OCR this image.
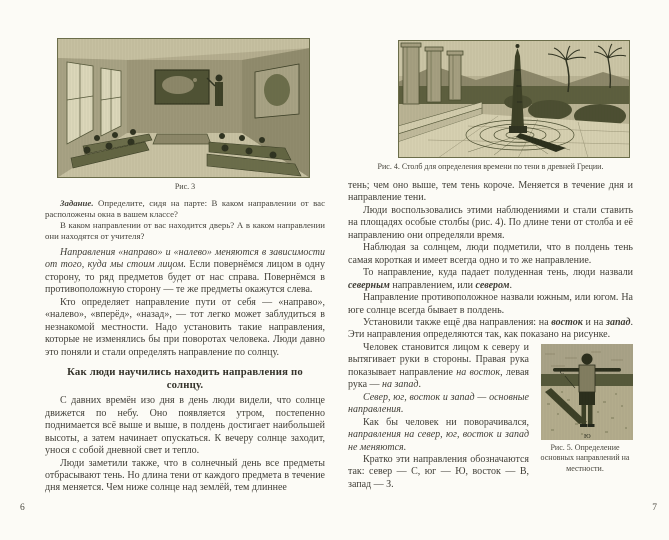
Рис. 3

Задание. Определите, сидя на парте: В каком направлении от вас расположены окна в вашем классе?

В каком направлении от вас находится дверь? А в каком направлении они находятся от учителя?

Направления «направо» и «налево» меняются в зависимости от того, куда мы стоим лицом. Если повернёмся лицом в одну сторону, то ряд предметов будет от нас справа. Повернёмся в противоположную сторону — те же предметы окажутся слева.

Кто определяет направление пути от себя — «направо», «налево», «вперёд», «назад», — тот легко может заблудиться в незнакомой местности. Надо установить такие направления, которые не изменялись бы при поворотах человека. Люди давно это поняли и стали определять направление по солнцу.

Как люди научились находить направления по солнцу.

С давних времён изо дня в день люди видели, что солнце движется по небу. Оно появляется утром, постепенно поднимается всё выше и выше, в полдень достигает наибольшей высоты, а затем начинает опускаться. К вечеру солнце заходит, унося с собой дневной свет и тепло.

Люди заметили также, что в солнечный день все предметы отбрасывают тень. Но длина тени от каждого предмета в течение дня меняется. Чем ниже солнце над землёй, тем длиннее

Рис. 4. Столб для определения времени по тени в древней Греции.

тень; чем оно выше, тем тень короче. Меняется в течение дня и направление тени.

Люди воспользовались этими наблюдениями и стали ставить на площадях особые столбы (рис. 4). По длине тени от столба и её направлению они определяли время.

Наблюдая за солнцем, люди подметили, что в полдень тень самая короткая и имеет всегда одно и то же направление.

То направление, куда падает полуденная тень, люди назвали северным направлением, или севером.

Направление противоположное назвали южным, или югом. На юге солнце всегда бывает в полдень.

Установили также ещё два направления: на восток и на запад. Эти направления определяются так, как показано на рисунке.

Рис. 5. Определение основных направлений на местности.

Человек становится лицом к северу и вытягивает руки в стороны. Правая рука показывает направление на восток, левая рука — на запад.

Север, юг, восток и запад — основные направления.

Как бы человек ни поворачивался, направления на север, юг, восток и запад не меняются.

Кратко эти направления обозначаются так: север — С, юг — Ю, восток — В, запад — З.

6	7
